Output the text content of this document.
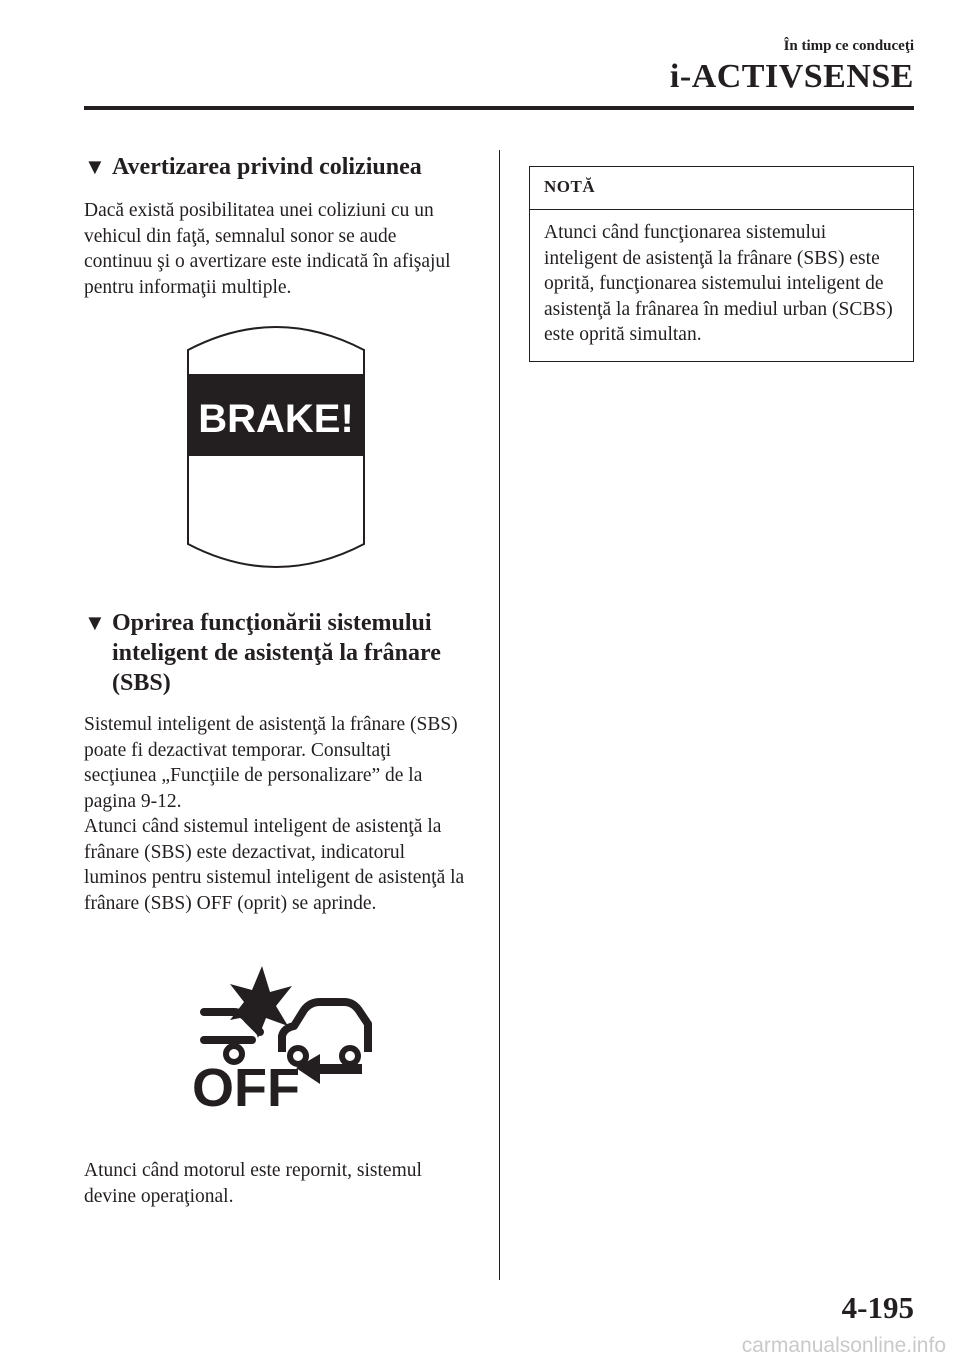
În timp ce conduceţi
i-ACTIVSENSE
▼ Avertizarea privind coliziunea

Dacă există posibilitatea unei coliziuni cu un vehicul din faţă, semnalul sonor se aude continuu şi o avertizare este indicată în afişajul pentru informaţii multiple.

BRAKE!
▼ Oprirea funcţionării sistemului inteligent de asistenţă la frânare (SBS)

Sistemul inteligent de asistenţă la frânare (SBS) poate fi dezactivat temporar. Consultaţi secţiunea „Funcţiile de personalizare” de la pagina 9-12.

Atunci când sistemul inteligent de asistenţă la frânare (SBS) este dezactivat, indicatorul luminos pentru sistemul inteligent de asistenţă la frânare (SBS) OFF (oprit) se aprinde.

OFF

Atunci când motorul este repornit, sistemul devine operaţional.

NOTĂ
Atunci când funcţionarea sistemului inteligent de asistenţă la frânare (SBS) este oprită, funcţionarea sistemului inteligent de asistenţă la frânarea în mediul urban (SCBS) este oprită simultan.
4-195
carmanualsonline.info
